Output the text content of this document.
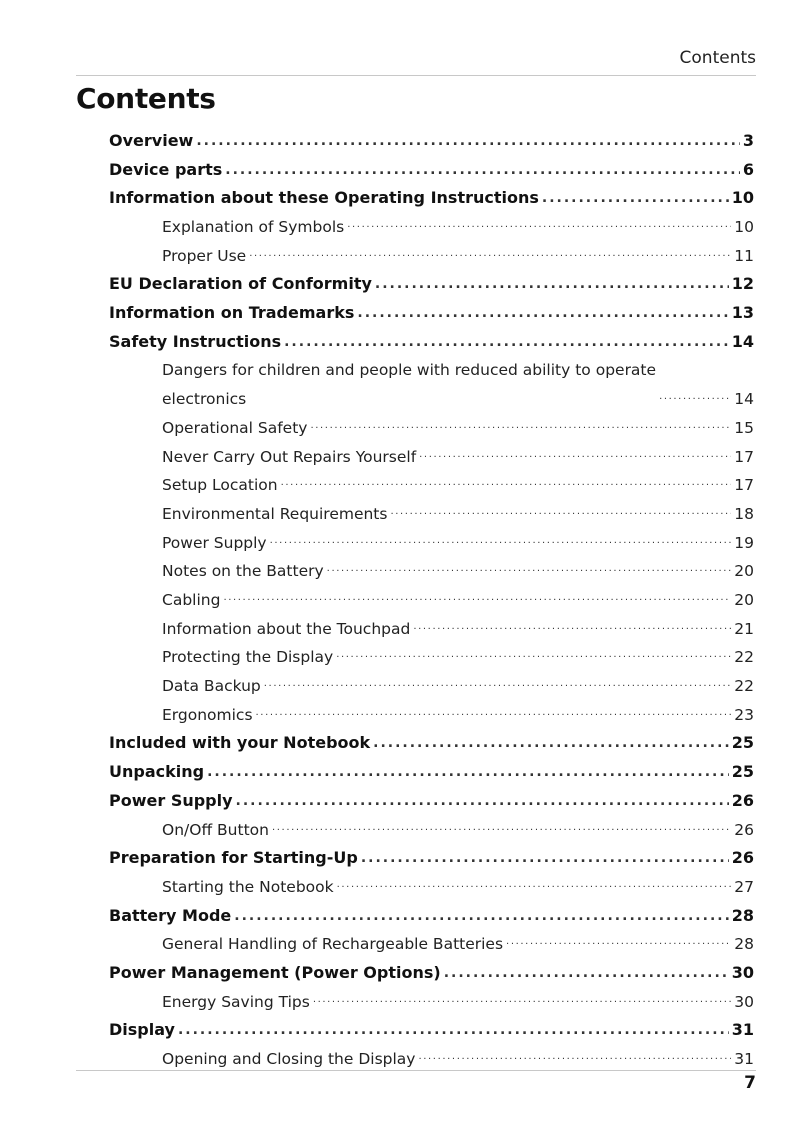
Contents
Contents
Overview .....	3
Device parts .....	6
Information about these Operating Instructions .....	10
Explanation of Symbols .....	10
Proper Use .....	11
EU Declaration of Conformity .....	12
Information on Trademarks .....	13
Safety Instructions .....	14
Dangers for children and people with reduced ability to operate
electronics .....	14
Operational Safety .....	15
Never Carry Out Repairs Yourself .....	17
Setup Location .....	17
Environmental Requirements .....	18
Power Supply .....	19
Notes on the Battery .....	20
Cabling .....	20
Information about the Touchpad .....	21
Protecting the Display .....	22
Data Backup .....	22
Ergonomics .....	23
Included with your Notebook .....	25
Unpacking .....	25
Power Supply .....	26
On/Off Button .....	26
Preparation for Starting-Up .....	26
Starting the Notebook .....	27
Battery Mode .....	28
General Handling of Rechargeable Batteries .....	28
Power Management (Power Options) .....	30
Energy Saving Tips .....	30
Display .....	31
Opening and Closing the Display .....	31
7
